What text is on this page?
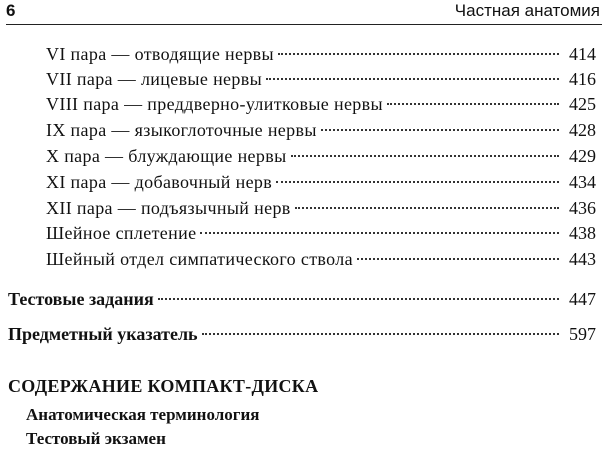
6	Частная анатомия
VI пара — отводящие нервы	414
VII пара — лицевые нервы	416
VIII пара — преддверно-улитковые нервы	425
IX пара — языкоглоточные нервы	428
X пара — блуждающие нервы	429
XI пара — добавочный нерв	434
XII пара — подъязычный нерв	436
Шейное сплетение	438
Шейный отдел симпатического ствола	443
Тестовые задания	447
Предметный указатель	597
СОДЕРЖАНИЕ КОМПАКТ-ДИСКА
Анатомическая терминология
Тестовый экзамен
